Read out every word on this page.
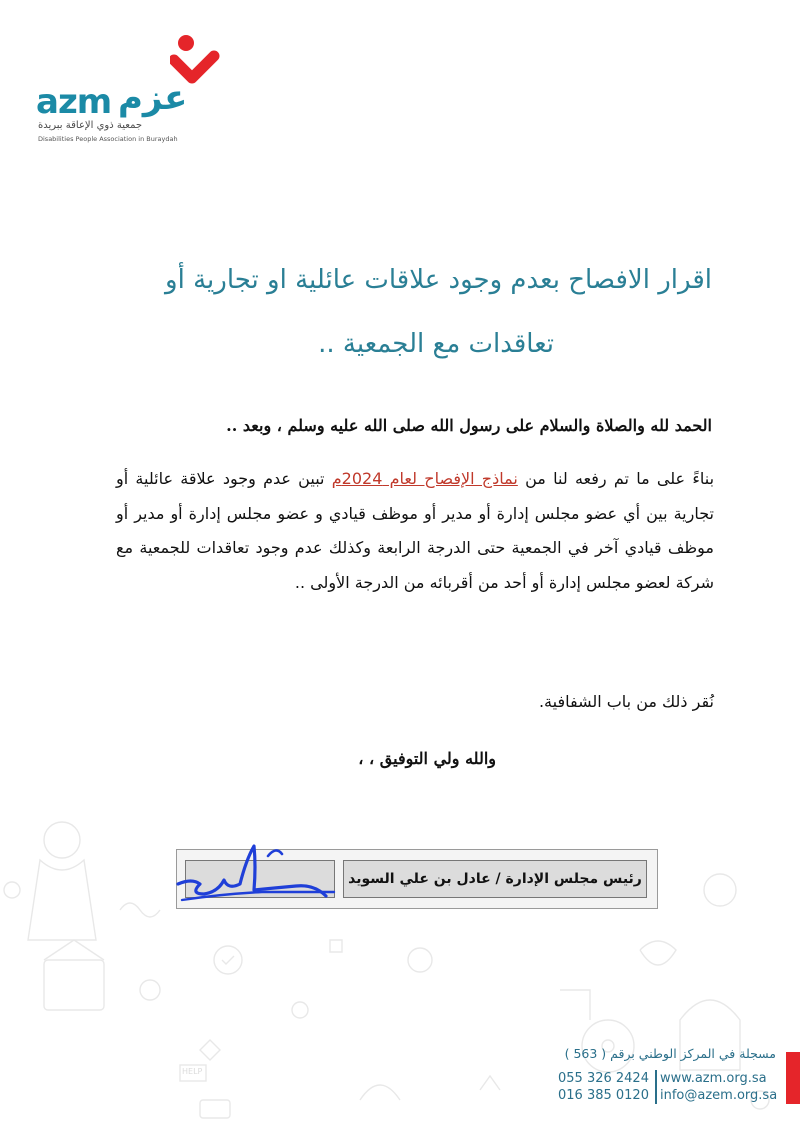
azm عزم
جمعية ذوي الإعاقة ببريدة
Disabilities People Association in Buraydah
اقرار الافصاح بعدم وجود علاقات عائلية او تجارية أو
تعاقدات مع الجمعية ..
الحمد لله والصلاة والسلام على رسول الله صلى الله عليه وسلم ، وبعد ..
بناءً على ما تم رفعه لنا من نماذج الإفصاح لعام 2024م تبين عدم وجود علاقة عائلية أو تجارية بين أي عضو مجلس إدارة أو مدير أو موظف قيادي و عضو مجلس إدارة أو مدير أو موظف قيادي آخر في الجمعية حتى الدرجة الرابعة وكذلك عدم وجود تعاقدات للجمعية مع شركة لعضو مجلس إدارة أو أحد من أقربائه من الدرجة الأولى ..
نُقر ذلك من باب الشفافية.
والله ولي التوفيق ، ،
HELP
رئيس مجلس الإدارة / عادل بن علي السويد
مسجلة في المركز الوطني برقم ( 563 )
055 326 2424
016 385 0120
www.azm.org.sa
info@azem.org.sa
